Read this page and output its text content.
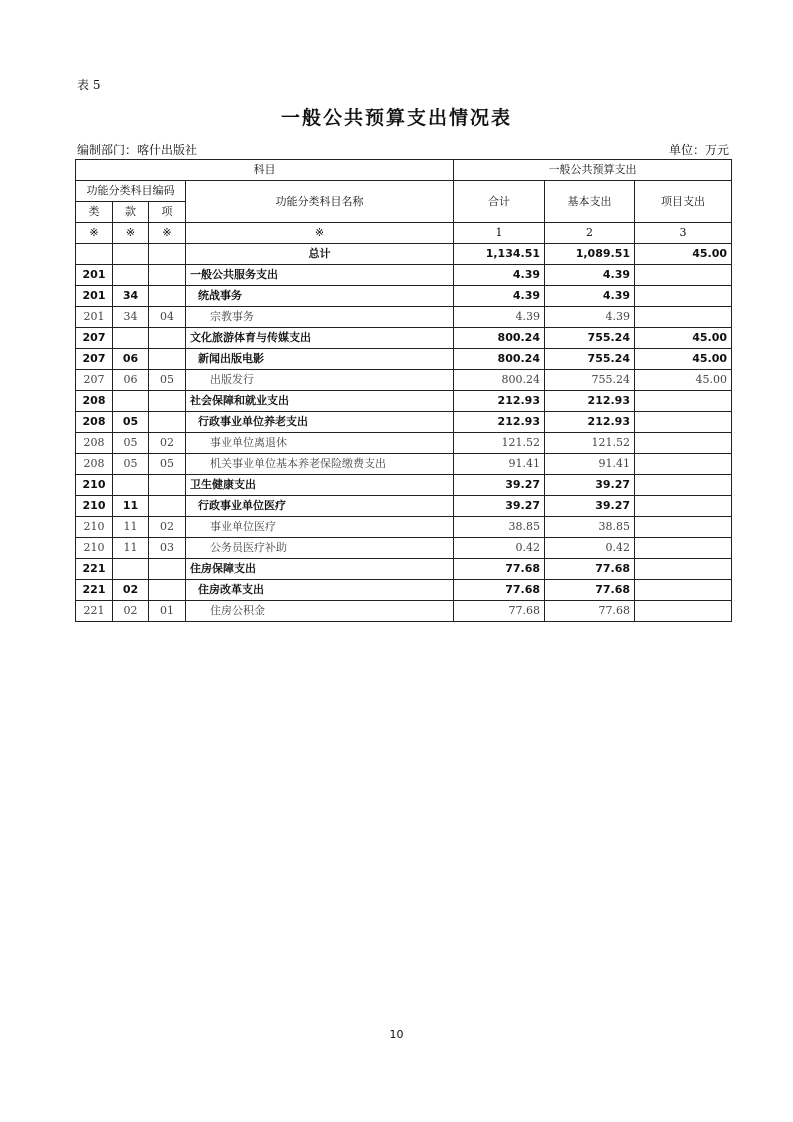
表 5
一般公共预算支出情况表
编制部门：喀什出版社	单位：万元
科目				一般公共预算支出		
功能分类科目编码			功能分类科目名称	合计	基本支出	项目支出
类	款	项				
※	※	※	※	1	2	3
			总计	1,134.51	1,089.51	45.00
201			一般公共服务支出	4.39	4.39	
201	34		统战事务	4.39	4.39	
201	34	04	宗教事务	4.39	4.39	
207			文化旅游体育与传媒支出	800.24	755.24	45.00
207	06		新闻出版电影	800.24	755.24	45.00
207	06	05	出版发行	800.24	755.24	45.00
208			社会保障和就业支出	212.93	212.93	
208	05		行政事业单位养老支出	212.93	212.93	
208	05	02	事业单位离退休	121.52	121.52	
208	05	05	机关事业单位基本养老保险缴费支出	91.41	91.41	
210			卫生健康支出	39.27	39.27	
210	11		行政事业单位医疗	39.27	39.27	
210	11	02	事业单位医疗	38.85	38.85	
210	11	03	公务员医疗补助	0.42	0.42	
221			住房保障支出	77.68	77.68	
221	02		住房改革支出	77.68	77.68	
221	02	01	住房公积金	77.68	77.68	
10
